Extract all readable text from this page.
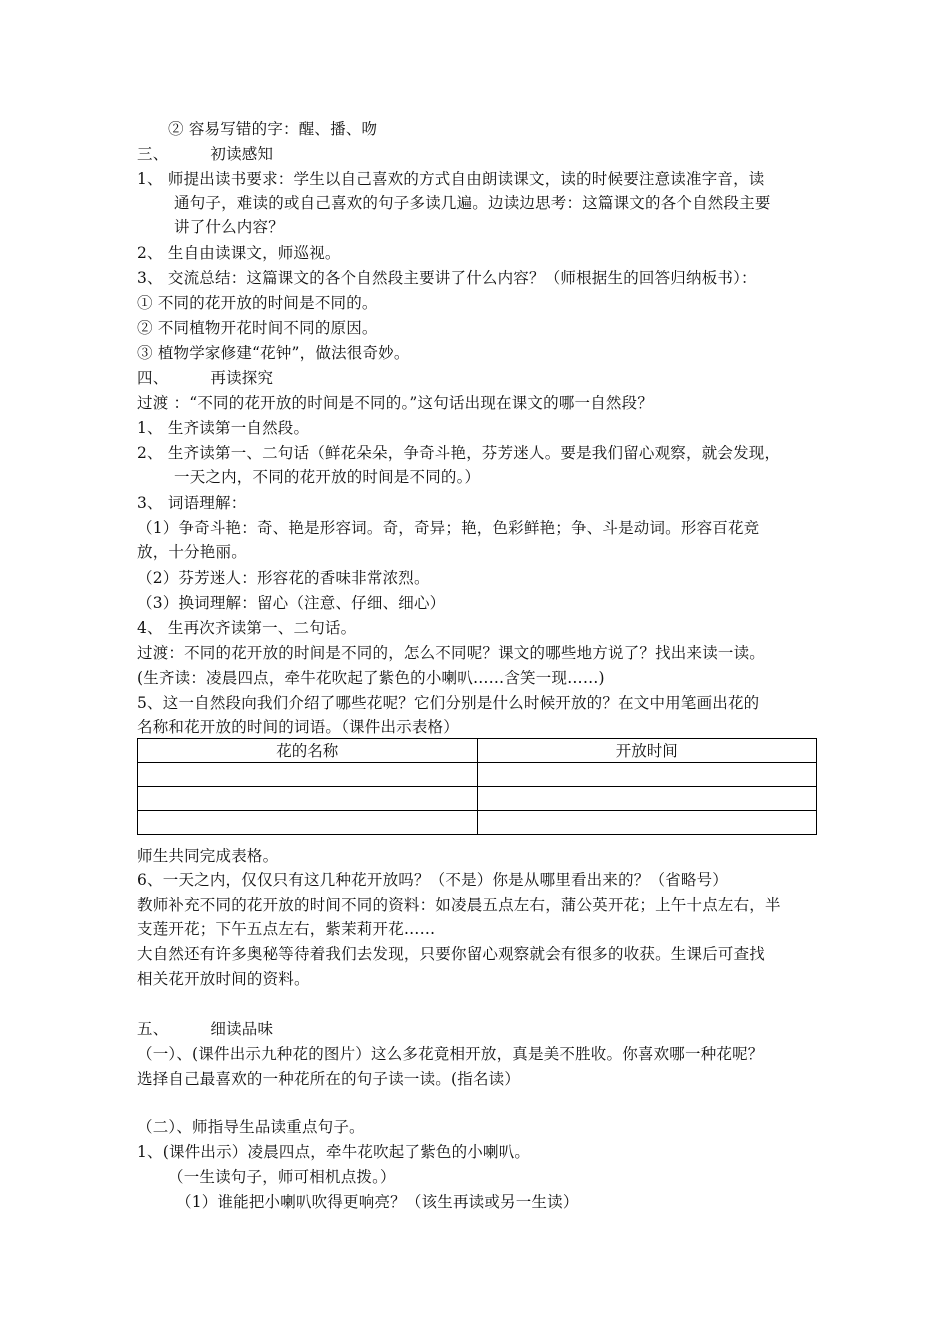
② 容易写错的字：醒、播、吻
三、	初读感知
1、 师提出读书要求：学生以自己喜欢的方式自由朗读课文，读的时候要注意读准字音，读
通句子，难读的或自己喜欢的句子多读几遍。边读边思考：这篇课文的各个自然段主要
讲了什么内容？
2、 生自由读课文，师巡视。
3、 交流总结：这篇课文的各个自然段主要讲了什么内容？（师根据生的回答归纳板书）：
① 不同的花开放的时间是不同的。
② 不同植物开花时间不同的原因。
③ 植物学家修建“花钟”，做法很奇妙。
四、	再读探究
过渡 ：“不同的花开放的时间是不同的。”这句话出现在课文的哪一自然段？
1、 生齐读第一自然段。
2、 生齐读第一、二句话（鲜花朵朵，争奇斗艳，芬芳迷人。要是我们留心观察，就会发现，
一天之内，不同的花开放的时间是不同的。）
3、 词语理解：
（1）争奇斗艳：奇、艳是形容词。奇，奇异；艳，色彩鲜艳；争、斗是动词。形容百花竞
放，十分艳丽。
（2）芬芳迷人：形容花的香味非常浓烈。
（3）换词理解：留心（注意、仔细、细心）
4、 生再次齐读第一、二句话。
过渡：不同的花开放的时间是不同的，怎么不同呢？课文的哪些地方说了？找出来读一读。
(生齐读：凌晨四点，牵牛花吹起了紫色的小喇叭……含笑一现……)
5、这一自然段向我们介绍了哪些花呢？它们分别是什么时候开放的？在文中用笔画出花的
名称和花开放的时间的词语。（课件出示表格）
花的名称	开放时间

师生共同完成表格。
6、一天之内，仅仅只有这几种花开放吗？（不是）你是从哪里看出来的？（省略号）
教师补充不同的花开放的时间不同的资料：如凌晨五点左右，蒲公英开花；上午十点左右，半
支莲开花；下午五点左右，紫茉莉开花……
大自然还有许多奥秘等待着我们去发现，只要你留心观察就会有很多的收获。生课后可查找
相关花开放时间的资料。
五、	细读品味
（一）、(课件出示九种花的图片）这么多花竟相开放，真是美不胜收。你喜欢哪一种花呢？
选择自己最喜欢的一种花所在的句子读一读。(指名读）
（二）、师指导生品读重点句子。
1、(课件出示）凌晨四点，牵牛花吹起了紫色的小喇叭。
（一生读句子，师可相机点拨。）
（1）谁能把小喇叭吹得更响亮？（该生再读或另一生读）
